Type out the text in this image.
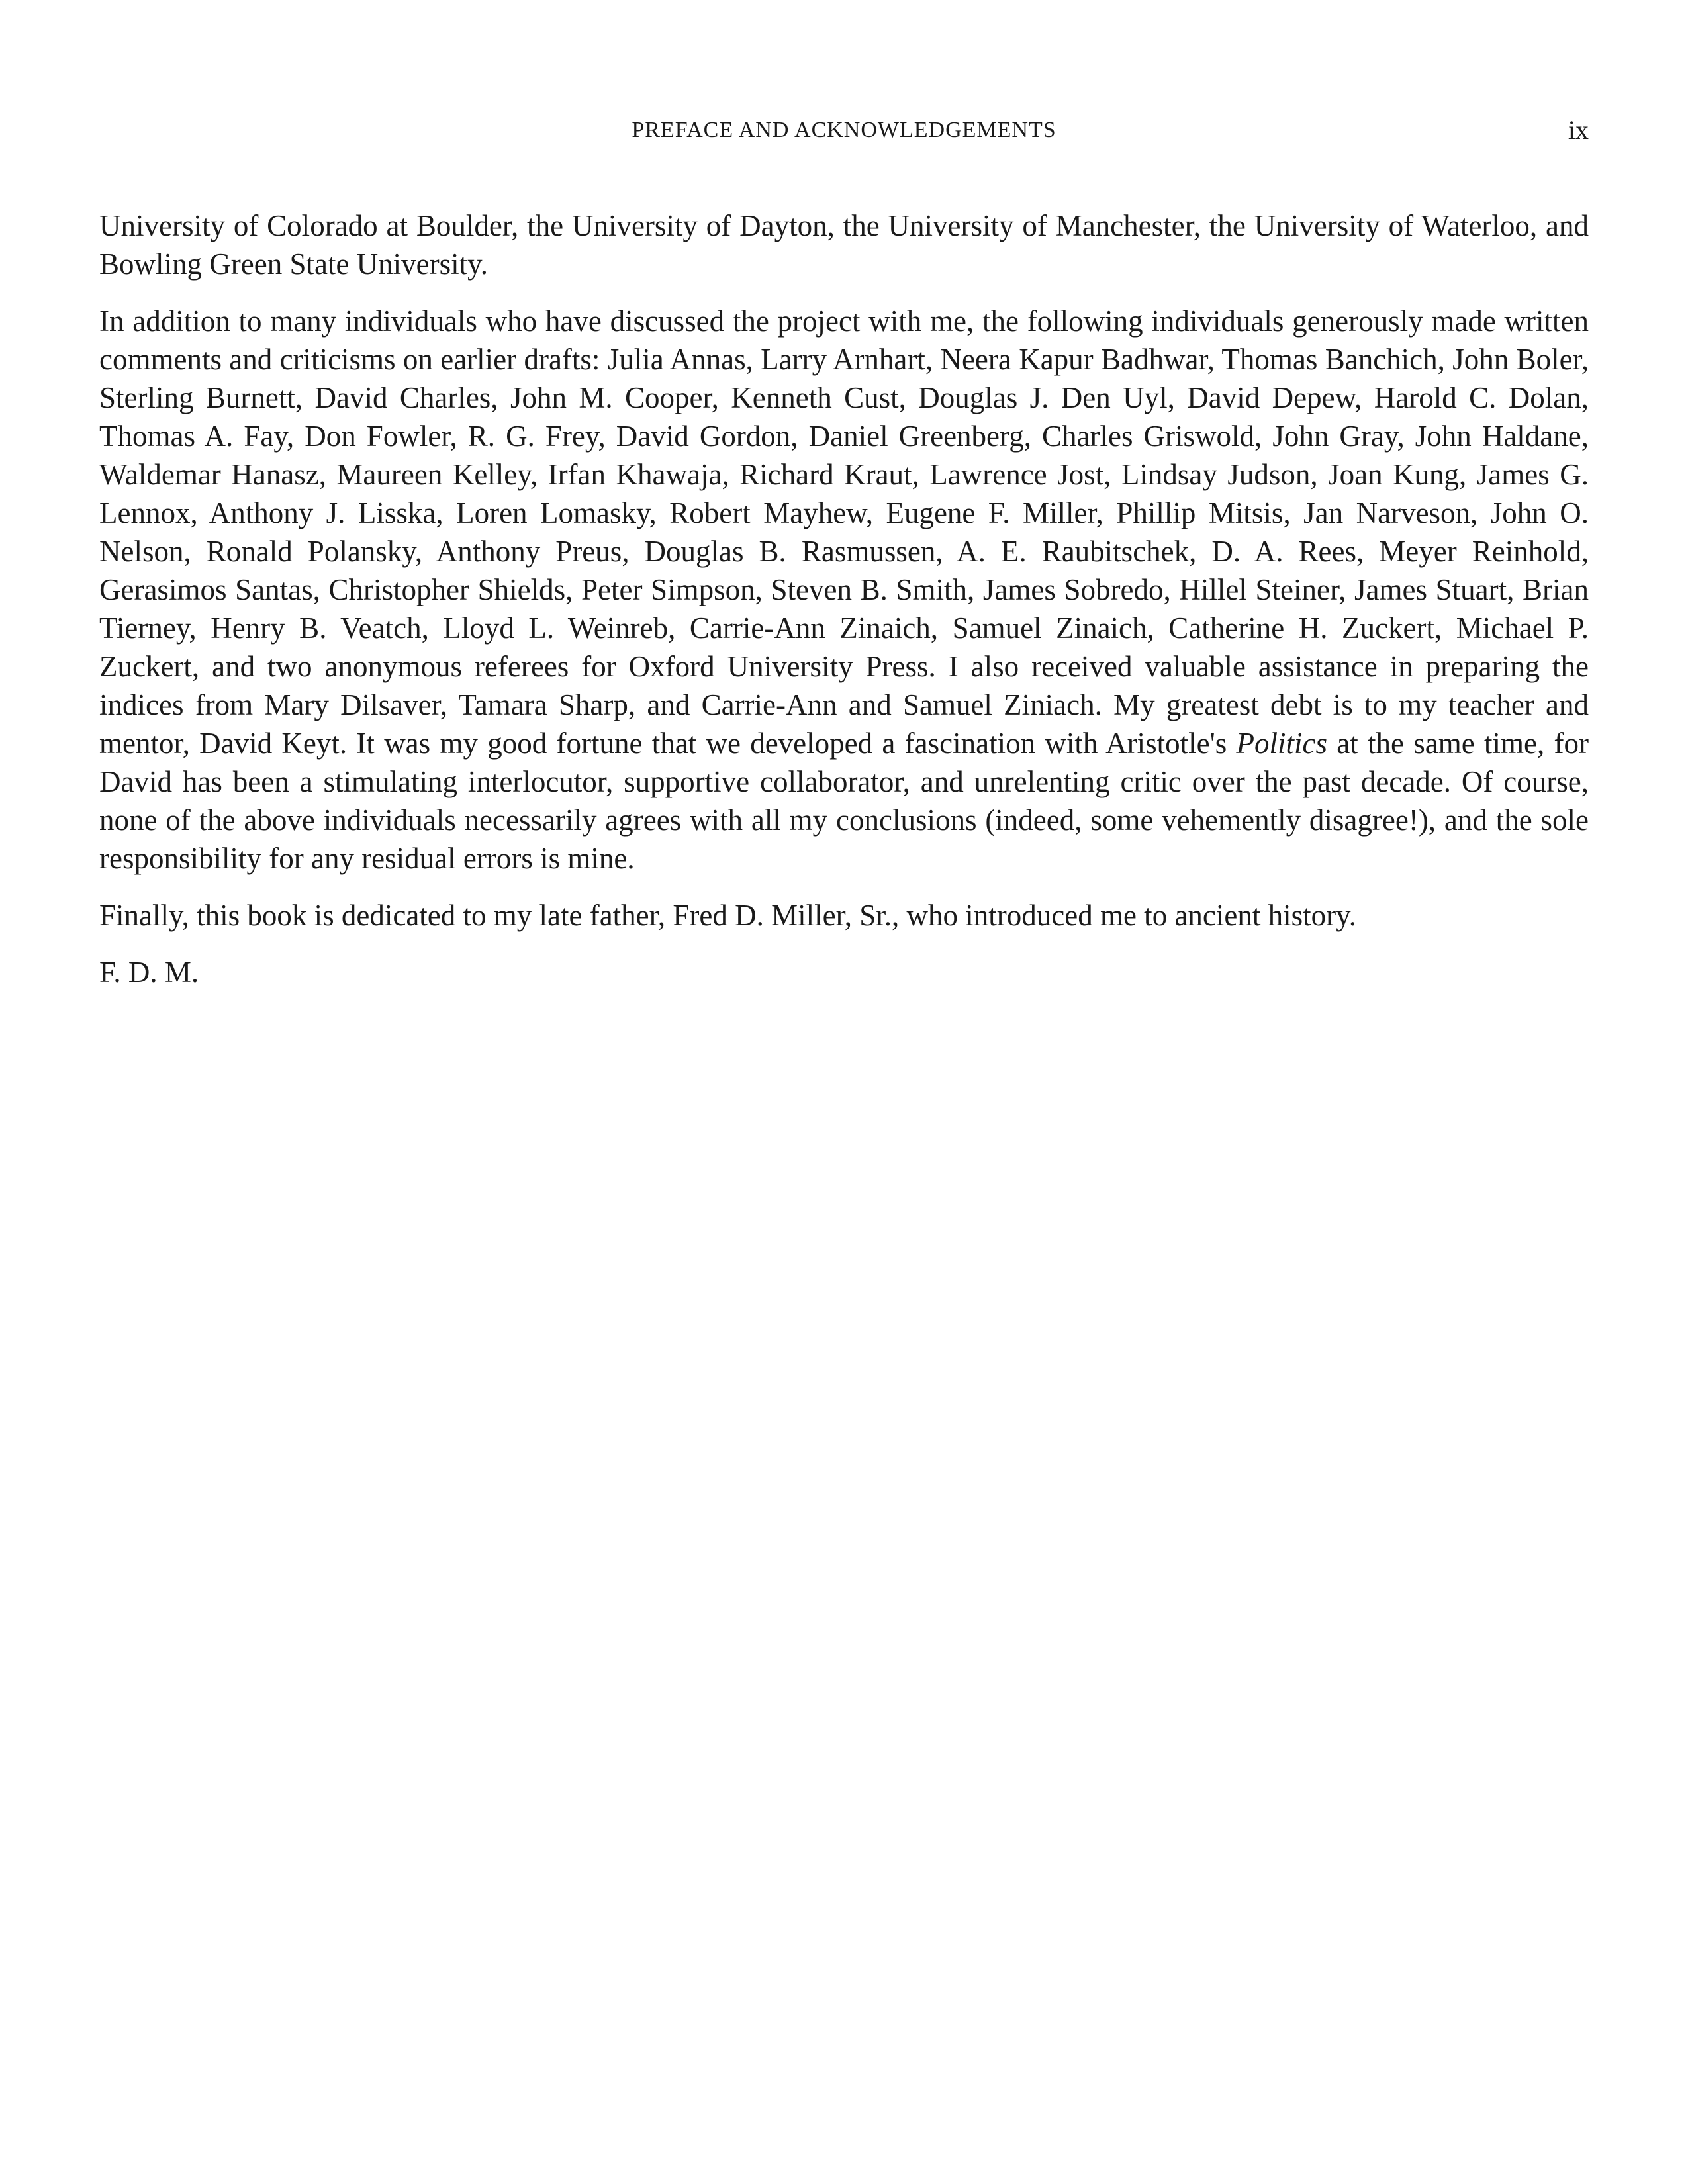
PREFACE AND ACKNOWLEDGEMENTS	ix

University of Colorado at Boulder, the University of Dayton, the University of Manchester, the University of Waterloo, and Bowling Green State University.

In addition to many individuals who have discussed the project with me, the following individuals generously made written comments and criticisms on earlier drafts: Julia Annas, Larry Arnhart, Neera Kapur Badhwar, Thomas Banchich, John Boler, Sterling Burnett, David Charles, John M. Cooper, Kenneth Cust, Douglas J. Den Uyl, David Depew, Harold C. Dolan, Thomas A. Fay, Don Fowler, R. G. Frey, David Gordon, Daniel Greenberg, Charles Griswold, John Gray, John Haldane, Waldemar Hanasz, Maureen Kelley, Irfan Khawaja, Richard Kraut, Lawrence Jost, Lindsay Judson, Joan Kung, James G. Lennox, Anthony J. Lisska, Loren Lomasky, Robert Mayhew, Eugene F. Miller, Phillip Mitsis, Jan Narveson, John O. Nelson, Ronald Polansky, Anthony Preus, Douglas B. Rasmussen, A. E. Raubitschek, D. A. Rees, Meyer Reinhold, Gerasimos Santas, Christopher Shields, Peter Simpson, Steven B. Smith, James Sobredo, Hillel Steiner, James Stuart, Brian Tierney, Henry B. Veatch, Lloyd L. Weinreb, Carrie-Ann Zinaich, Samuel Zinaich, Catherine H. Zuckert, Michael P. Zuckert, and two anonymous referees for Oxford University Press. I also received valuable assistance in preparing the indices from Mary Dilsaver, Tamara Sharp, and Carrie-Ann and Samuel Ziniach. My greatest debt is to my teacher and mentor, David Keyt. It was my good fortune that we developed a fascination with Aristotle's Politics at the same time, for David has been a stimulating interlocutor, supportive collaborator, and unrelenting critic over the past decade. Of course, none of the above individuals necessarily agrees with all my conclusions (indeed, some vehemently disagree!), and the sole responsibility for any residual errors is mine.

Finally, this book is dedicated to my late father, Fred D. Miller, Sr., who introduced me to ancient history.

F. D. M.
